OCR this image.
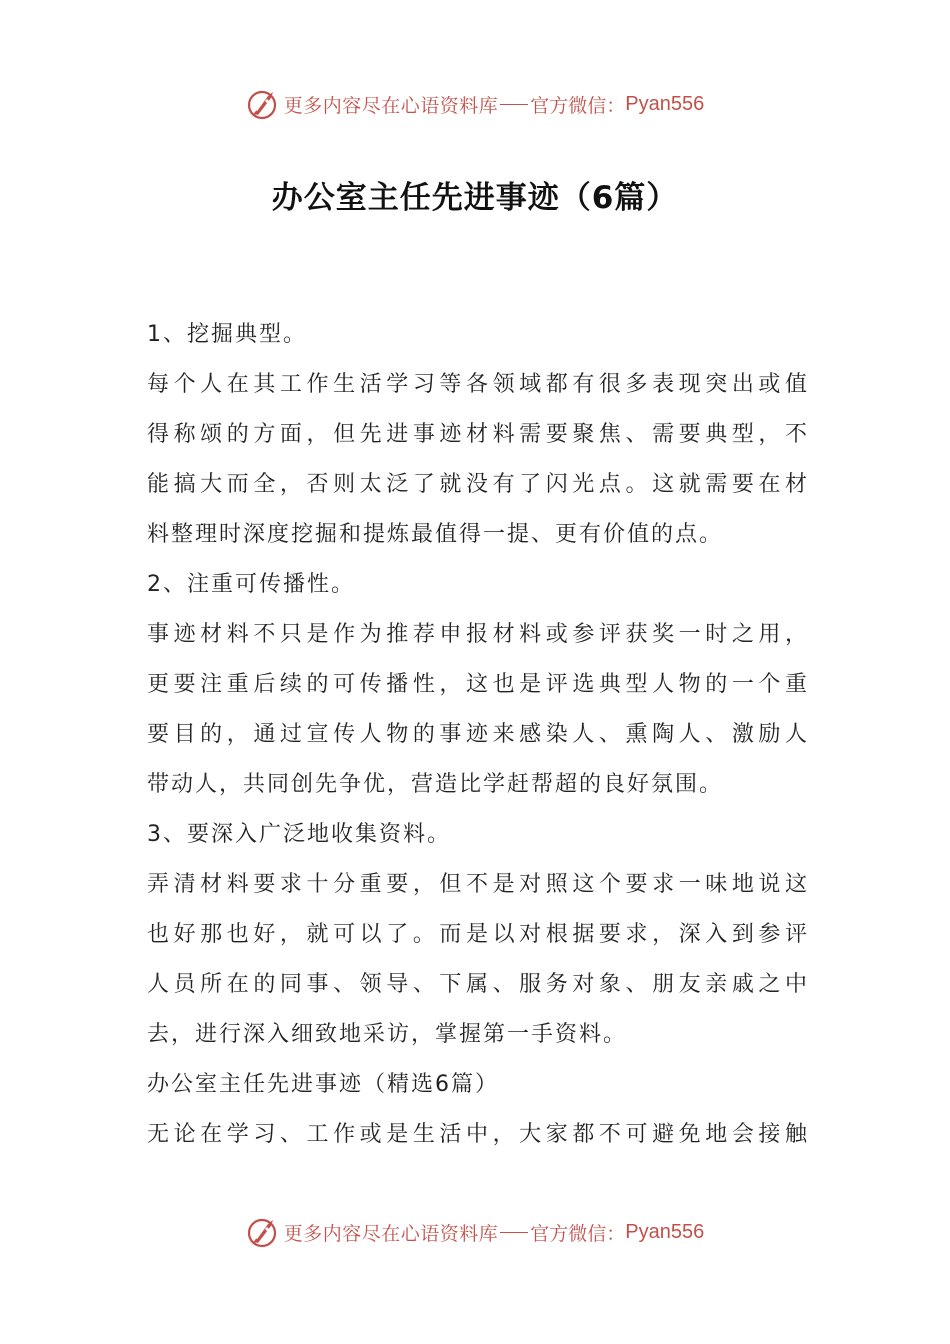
更多内容尽在心语资料库 官方微信： Pyan556
办公室主任先进事迹（6篇）
1、挖掘典型。
每个人在其工作生活学习等各领域都有很多表现突出或值
得称颂的方面，但先进事迹材料需要聚焦、需要典型，不
能搞大而全，否则太泛了就没有了闪光点。这就需要在材
料整理时深度挖掘和提炼最值得一提、更有价值的点。
2、注重可传播性。
事迹材料不只是作为推荐申报材料或参评获奖一时之用，
更要注重后续的可传播性，这也是评选典型人物的一个重
要目的，通过宣传人物的事迹来感染人、熏陶人、激励人
带动人，共同创先争优，营造比学赶帮超的良好氛围。
3、要深入广泛地收集资料。
弄清材料要求十分重要，但不是对照这个要求一味地说这
也好那也好，就可以了。而是以对根据要求，深入到参评
人员所在的同事、领导、下属、服务对象、朋友亲戚之中
去，进行深入细致地采访，掌握第一手资料。
办公室主任先进事迹（精选6篇）
无论在学习、工作或是生活中，大家都不可避免地会接触
更多内容尽在心语资料库 官方微信： Pyan556
